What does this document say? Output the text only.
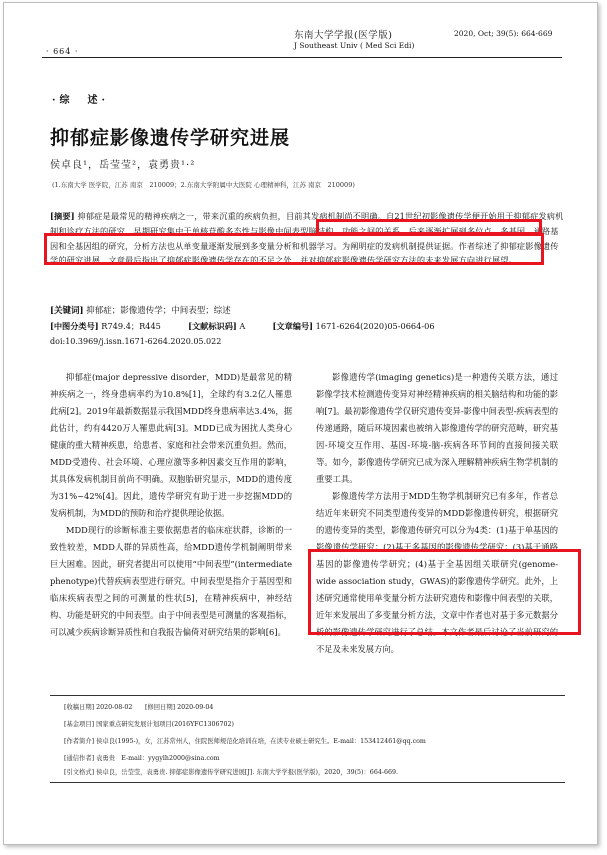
东南大学学报(医学版)	2020, Oct; 39(5): 664-669
J Southeast Univ ( Med Sci Edi)
· 664 ·
·综　述·
抑郁症影像遗传学研究进展
侯卓良¹，岳莹莹²，袁勇贵¹·²
(1.东南大学 医学院，江苏 南京　210009；2.东南大学附属中大医院 心理精神科，江苏 南京　210009)
[摘要] 抑郁症是最常见的精神疾病之一，带来沉重的疾病负担，目前其发病机制尚不明确。自21世纪初影像遗传学便开始用于抑郁症发病机制和诊疗方法的研究，早期研究集中于单核苷酸多态性与影像中间表型脑结构、功能之间的关系，后来逐渐扩展到多位点、多基因、通路基因和全基因组的研究，分析方法也从单变量逐渐发展到多变量分析和机器学习。为阐明症的发病机制提供证据。作者综述了抑郁症影像遗传学的研究进展，文章最后指出了抑郁症影像遗传学存在的不足之处，并对抑郁症影像遗传学研究方法的未来发展方向进行展望。
[关键词] 抑郁症；影像遗传学；中间表型；综述
[中图分类号] R749.4；R445	[文献标识码] A	[文章编号] 1671-6264(2020)05-0664-06
doi:10.3969/j.issn.1671-6264.2020.05.022

抑郁症(major depressive disorder，MDD)是最常见的精神疾病之一，终身患病率约为10.8%[1]，全球约有3.2亿人罹患此病[2]。2019年最新数据显示我国MDD终身患病率达3.4%，据此估计，约有4420万人罹患此病[3]。MDD已成为困扰人类身心健康的重大精神疾患，给患者、家庭和社会带来沉重负担。然而，MDD受遗传、社会环境、心理应激等多种因素交互作用的影响，其具体发病机制目前尚不明确。双胞胎研究显示，MDD的遗传度为31%~42%[4]。因此，遗传学研究有助于进一步挖掘MDD的发病机制，为MDD的预防和治疗提供理论依据。

MDD现行的诊断标准主要依据患者的临床症状群，诊断的一致性较差，MDD人群的异质性高，给MDD遗传学机制阐明带来巨大困难。因此，研究者提出可以使用“中间表型”(intermediate phenotype)代替疾病表型进行研究。中间表型是指介于基因型和临床疾病表型之间的可测量的性状[5]，在精神疾病中，神经结构、功能是研究的中间表型。由于中间表型是可测量的客观指标，可以减少疾病诊断异质性和自我报告偏倚对研究结果的影响[6]。

影像遗传学(imaging genetics)是一种遗传关联方法，通过影像学技术检测遗传变异对神经精神疾病的相关脑结构和功能的影响[7]。最初影像遗传学仅研究遗传变异-影像中间表型-疾病表型的传递通路，随后环境因素也被纳入影像遗传学的研究范畴，研究基因-环境交互作用、基因-环境-脑-疾病各环节间的直接间接关联等。如今，影像遗传学研究已成为深入理解精神疾病生物学机制的重要工具。

影像遗传学方法用于MDD生物学机制研究已有多年，作者总结近年来研究不同类型遗传变异的MDD影像遗传研究，根据研究的遗传变异的类型，影像遗传研究可以分为4类：(1)基于单基因的影像遗传学研究；(2)基于多基因的影像遗传学研究；(3)基于通路基因的影像遗传学研究；(4)基于全基因组关联研究(genome-wide association study，GWAS)的影像遗传学研究。此外，上述研究通常使用单变量分析方法研究遗传和影像中间表型的关联，近年来发展出了多变量分析方法，文章中作者也对基于多元数据分析的影像遗传学研究进行了总结。本文作者最后讨论了当前研究的不足及未来发展方向。

[收稿日期] 2020-08-02　　[修回日期] 2020-09-04
[基金项目] 国家重点研究发展计划项目(2016YFC1306702)
[作者简介] 侯卓良(1995-)，女，江苏常州人，住院医师规范化培训在培，在读专业硕士研究生。E-mail：153412461@qq.com
[通信作者] 袁勇贵　E-mail：yygylh2000@sina.com
[引文格式] 侯卓良，岳莹莹，袁勇贵. 抑郁症影像遗传学研究进展[J]. 东南大学学报(医学版)，2020，39(5)：664-669.
